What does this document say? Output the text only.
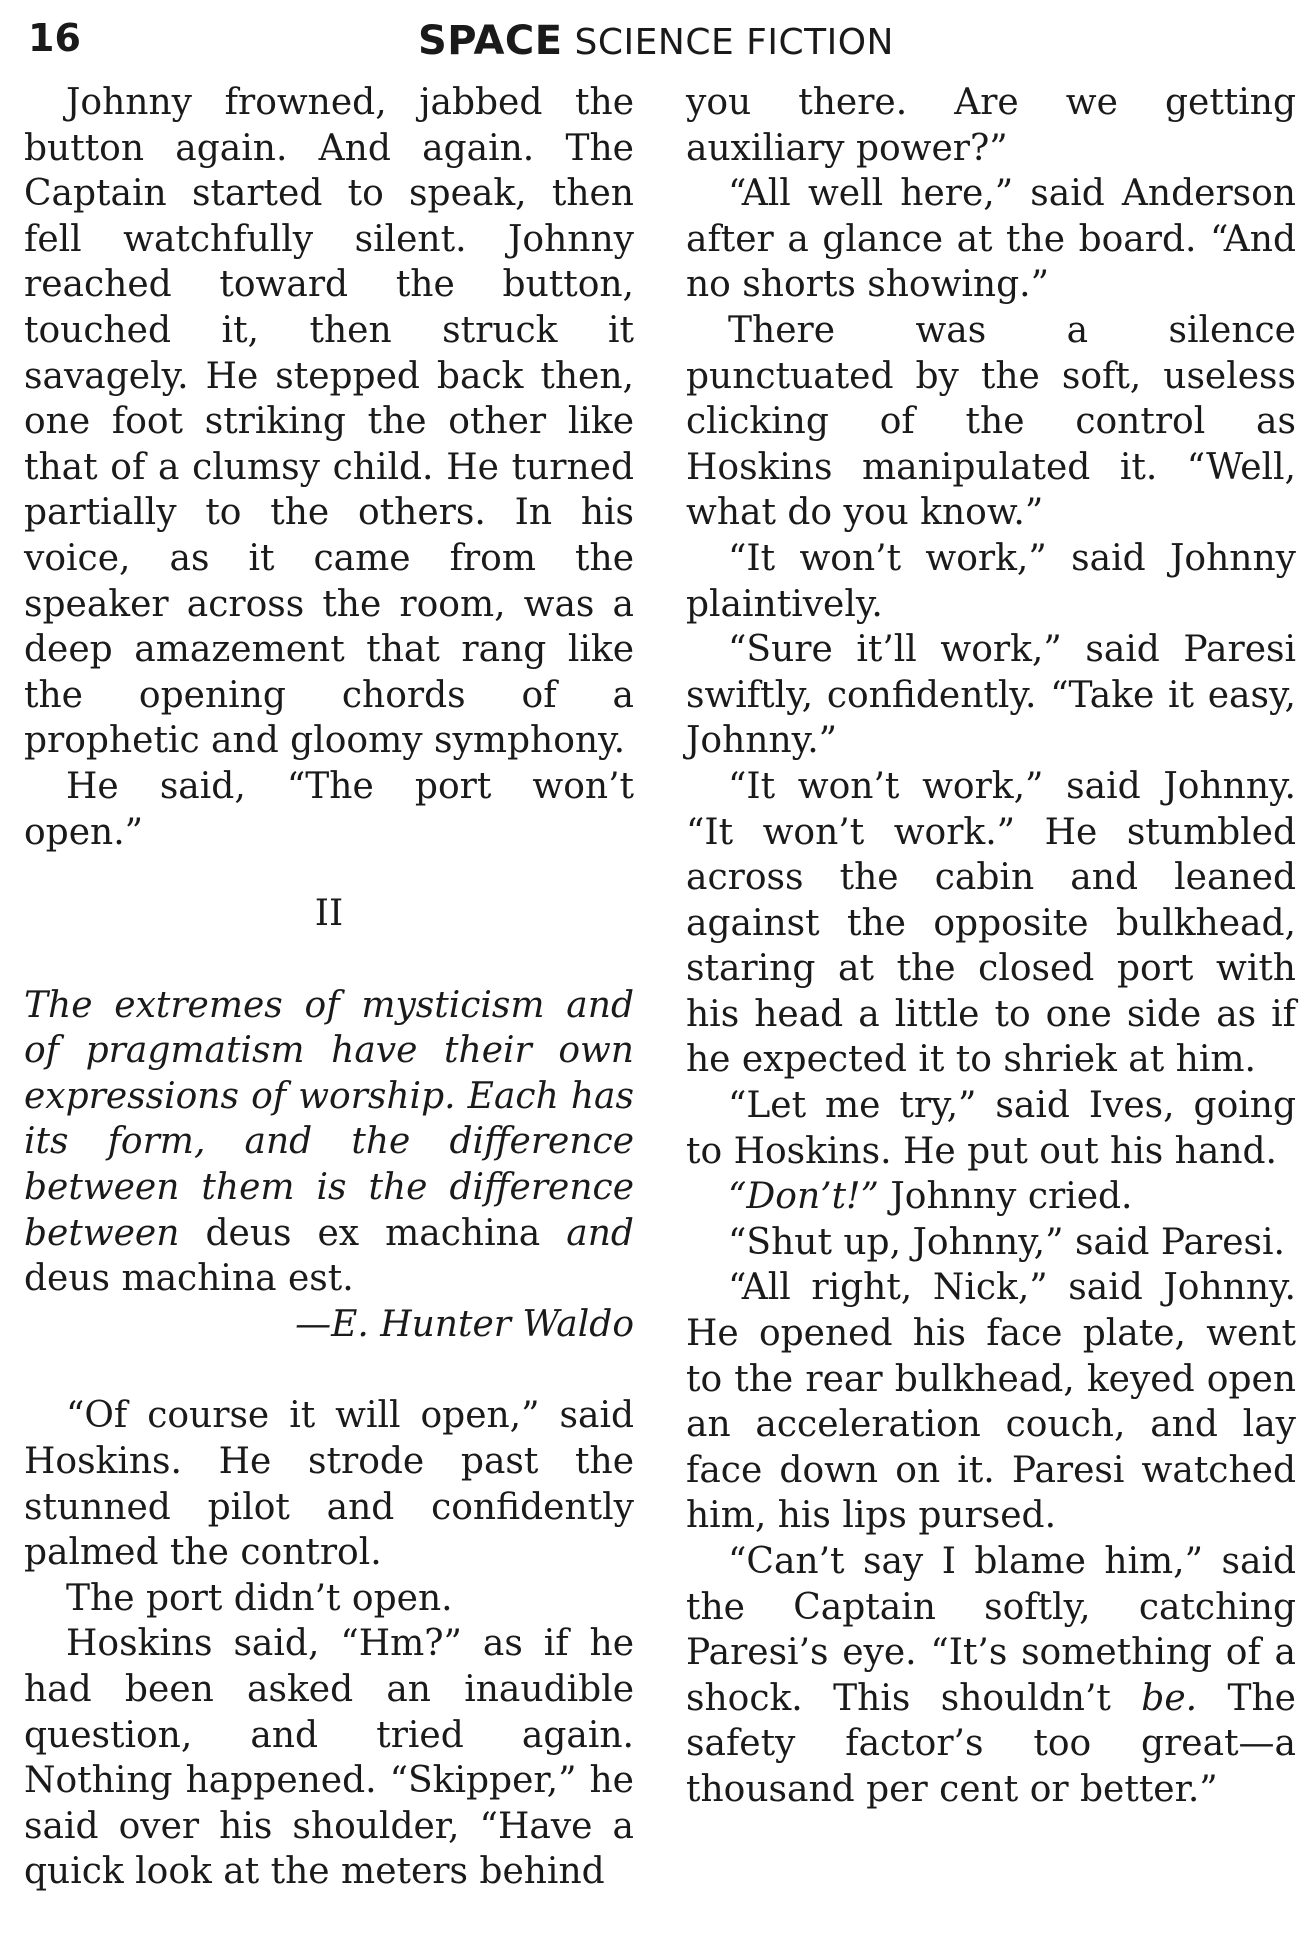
16	SPACE SCIENCE FICTION

Johnny frowned, jabbed the button again. And again. The Captain started to speak, then fell watchfully silent. Johnny reached toward the button, touched it, then struck it savagely. He stepped back then, one foot striking the other like that of a clumsy child. He turned partially to the others. In his voice, as it came from the speaker across the room, was a deep amazement that rang like the opening chords of a prophetic and gloomy symphony.

He said, “The port won’t open.”

II

The extremes of mysticism and of pragmatism have their own expressions of worship. Each has its form, and the difference between them is the difference between deus ex machina and deus machina est.

—E. Hunter Waldo

“Of course it will open,” said Hoskins. He strode past the stunned pilot and confidently palmed the control.

The port didn’t open.

Hoskins said, “Hm?” as if he had been asked an inaudible question, and tried again. Nothing happened. “Skipper,” he said over his shoulder, “Have a quick look at the meters behind

you there. Are we getting auxiliary power?”

“All well here,” said Anderson after a glance at the board. “And no shorts showing.”

There was a silence punctuated by the soft, useless clicking of the control as Hoskins manipulated it. “Well, what do you know.”

“It won’t work,” said Johnny plaintively.

“Sure it’ll work,” said Paresi swiftly, confidently. “Take it easy, Johnny.”

“It won’t work,” said Johnny. “It won’t work.” He stumbled across the cabin and leaned against the opposite bulkhead, staring at the closed port with his head a little to one side as if he expected it to shriek at him.

“Let me try,” said Ives, going to Hoskins. He put out his hand.

“Don’t!” Johnny cried.

“Shut up, Johnny,” said Paresi.

“All right, Nick,” said Johnny. He opened his face plate, went to the rear bulkhead, keyed open an acceleration couch, and lay face down on it. Paresi watched him, his lips pursed.

“Can’t say I blame him,” said the Captain softly, catching Paresi’s eye. “It’s something of a shock. This shouldn’t be. The safety factor’s too great—a thousand per cent or better.”
